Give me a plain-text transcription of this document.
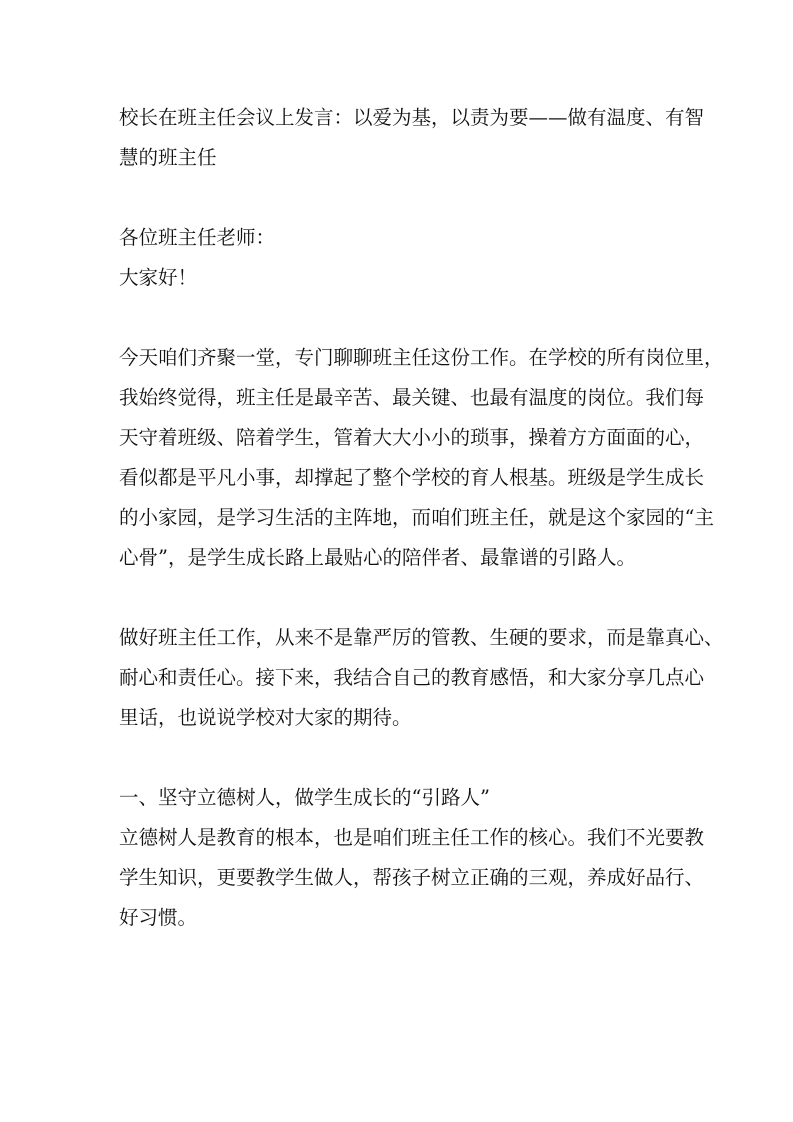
校长在班主任会议上发言：以爱为基，以责为要——做有温度、有智
慧的班主任
各位班主任老师：
大家好！
今天咱们齐聚一堂，专门聊聊班主任这份工作。在学校的所有岗位里，
我始终觉得，班主任是最辛苦、最关键、也最有温度的岗位。我们每
天守着班级、陪着学生，管着大大小小的琐事，操着方方面面的心，
看似都是平凡小事，却撑起了整个学校的育人根基。班级是学生成长
的小家园，是学习生活的主阵地，而咱们班主任，就是这个家园的“主
心骨”，是学生成长路上最贴心的陪伴者、最靠谱的引路人。
做好班主任工作，从来不是靠严厉的管教、生硬的要求，而是靠真心、
耐心和责任心。接下来，我结合自己的教育感悟，和大家分享几点心
里话，也说说学校对大家的期待。
一、坚守立德树人，做学生成长的“引路人”
立德树人是教育的根本，也是咱们班主任工作的核心。我们不光要教
学生知识，更要教学生做人，帮孩子树立正确的三观，养成好品行、
好习惯。
